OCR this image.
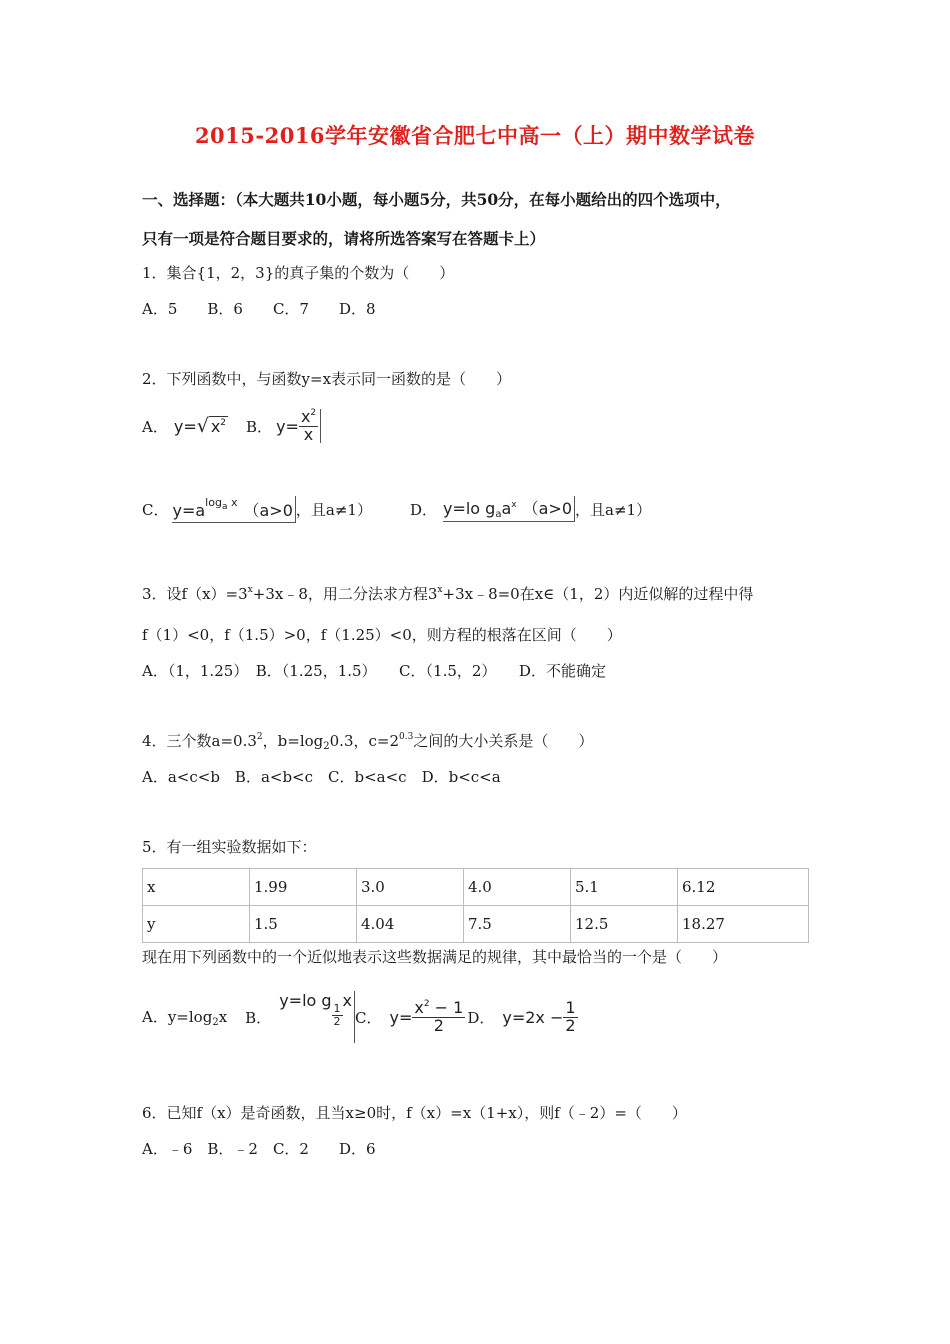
2015-2016学年安徽省合肥七中高一（上）期中数学试卷
一、选择题：（本大题共10小题，每小题5分，共50分，在每小题给出的四个选项中，
只有一项是符合题目要求的，请将所选答案写在答题卡上）
1．集合{1，2，3}的真子集的个数为（　　）
A．5　　B．6　　C．7　　D．8
2．下列函数中，与函数y=x表示同一函数的是（　　）
A． y=√ $x^2$ B． $y= \frac{x^2}{x}$
C． $y=a^{log_a x}$ （a>0 ，且a≠1）	D． y=lo $g_aa^x$ （a>0 ，且a≠1）
3．设$f(x)=3^x+3x﹣8$，用二分法求方程$3^x+3x﹣8=0$在x∈（1，2）内近似解的过程中得
f（1）<0，f（1.5）>0，f（1.25）<0，则方程的根落在区间（　　）
A．（1，1.25）　B．（1.25，1.5）　　C．（1.5，2）　　D．不能确定
4．三个数$a=0.3^2$，$b=\log_20.3$，$c=2^{0.3}$之间的大小关系是（　　）
A．a<c<b　B．a<b<c　C．b<a<c　D．b<c<a
5．有一组实验数据如下：
x	1.99	3.0	4.0	5.1	6.12
y	1.5	4.04	7.5	12.5	18.27
现在用下列函数中的一个近似地表示这些数据满足的规律，其中最恰当的一个是（　　）
A．$y=\log_2x$ B．
y=lo g
$\frac{1}{2}$
x
C． $y= \frac{x^2 - 1}{2}$ D． $y=2x - \frac{1}{2}$
6．已知f（x）是奇函数，且当x≥0时，f（x）=x（1+x），则f（﹣2）=（　　）
A．﹣6　B．﹣2　C．2　　D．6
